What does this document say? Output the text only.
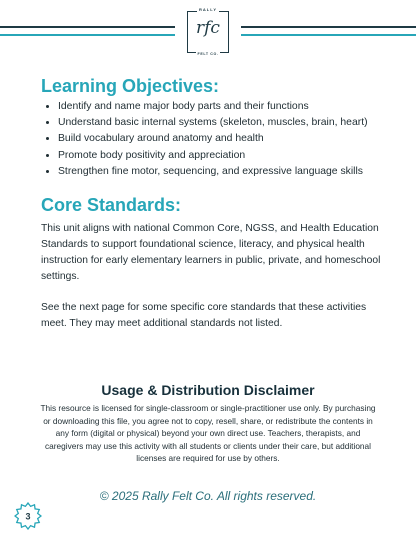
RALLY
rfc
FELT CO.
Learning Objectives:
• Identify and name major body parts and their functions
• Understand basic internal systems (skeleton, muscles, brain, heart)
• Build vocabulary around anatomy and health
• Promote body positivity and appreciation
• Strengthen fine motor, sequencing, and expressive language skills
Core Standards:

This unit aligns with national Common Core, NGSS, and Health Education Standards to support foundational science, literacy, and physical health instruction for early elementary learners in public, private, and homeschool settings.

See the next page for some specific core standards that these activities meet. They may meet additional standards not listed.

Usage & Distribution Disclaimer
This resource is licensed for single-classroom or single-practitioner use only. By purchasing or downloading this file, you agree not to copy, resell, share, or redistribute the contents in any form (digital or physical) beyond your own direct use. Teachers, therapists, and caregivers may use this activity with all students or clients under their care, but additional licenses are required for use by others.
© 2025 Rally Felt Co. All rights reserved.
3
